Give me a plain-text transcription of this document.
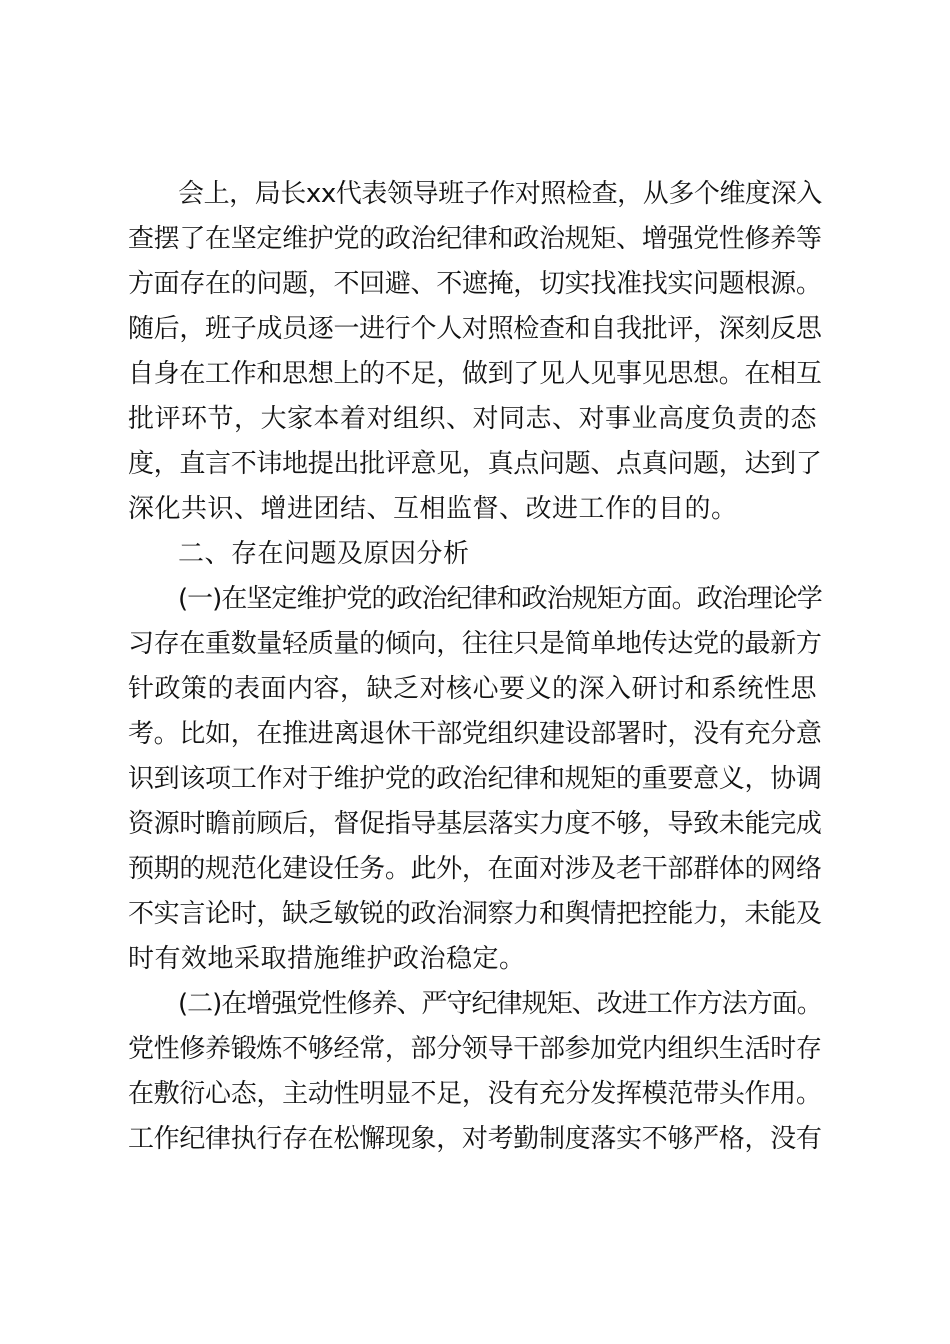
会上，局长xx代表领导班子作对照检查，从多个维度深入
查摆了在坚定维护党的政治纪律和政治规矩、增强党性修养等
方面存在的问题，不回避、不遮掩，切实找准找实问题根源。
随后，班子成员逐一进行个人对照检查和自我批评，深刻反思
自身在工作和思想上的不足，做到了见人见事见思想。在相互
批评环节，大家本着对组织、对同志、对事业高度负责的态
度，直言不讳地提出批评意见，真点问题、点真问题，达到了
深化共识、增进团结、互相监督、改进工作的目的。
二、存在问题及原因分析
(一)在坚定维护党的政治纪律和政治规矩方面。政治理论学
习存在重数量轻质量的倾向，往往只是简单地传达党的最新方
针政策的表面内容，缺乏对核心要义的深入研讨和系统性思
考。比如，在推进离退休干部党组织建设部署时，没有充分意
识到该项工作对于维护党的政治纪律和规矩的重要意义，协调
资源时瞻前顾后，督促指导基层落实力度不够，导致未能完成
预期的规范化建设任务。此外，在面对涉及老干部群体的网络
不实言论时，缺乏敏锐的政治洞察力和舆情把控能力，未能及
时有效地采取措施维护政治稳定。
(二)在增强党性修养、严守纪律规矩、改进工作方法方面。
党性修养锻炼不够经常，部分领导干部参加党内组织生活时存
在敷衍心态，主动性明显不足，没有充分发挥模范带头作用。
工作纪律执行存在松懈现象，对考勤制度落实不够严格，没有
